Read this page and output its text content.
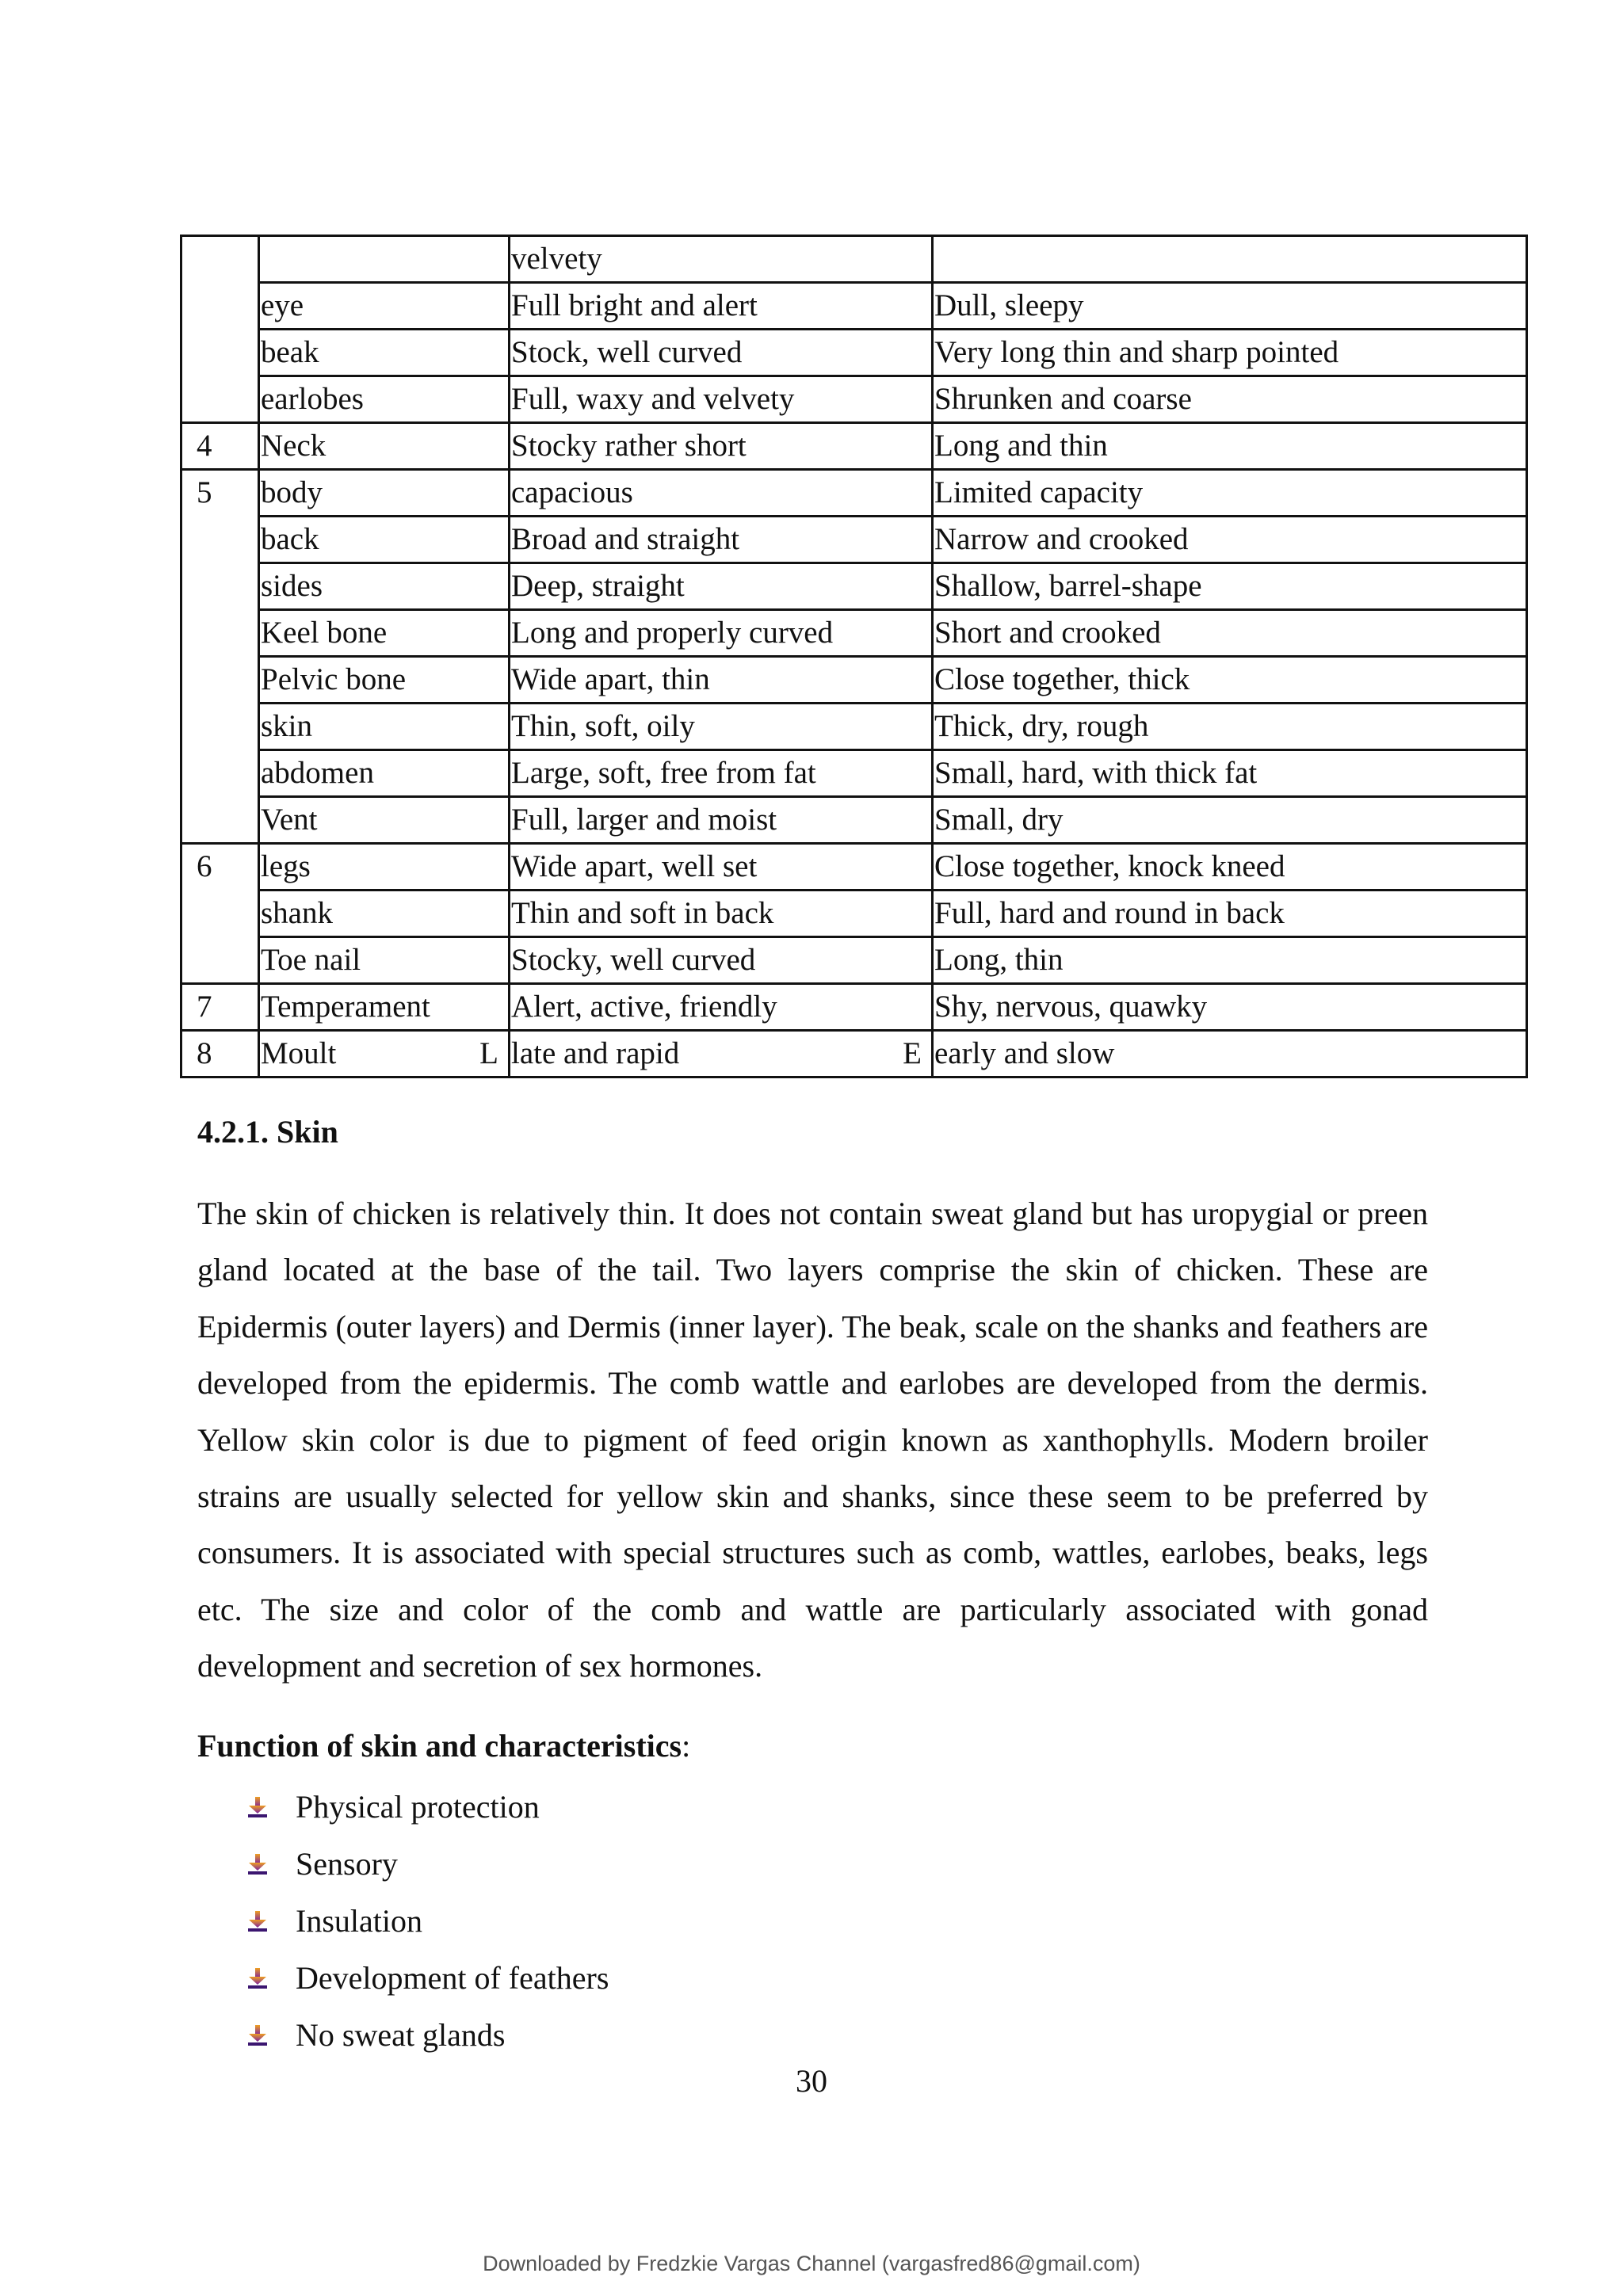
		velvety	
	eye	Full bright and alert	Dull, sleepy
	beak	Stock, well curved	Very long thin and sharp pointed
	earlobes	Full, waxy and velvety	Shrunken and coarse
4	Neck	Stocky rather short	Long and thin
5	body	capacious	Limited capacity
	back	Broad and straight	Narrow and crooked
	sides	Deep, straight	Shallow, barrel-shape
	Keel bone	Long and properly curved	Short and crooked
	Pelvic bone	Wide apart, thin	Close together, thick
	skin	Thin, soft, oily	Thick, dry, rough
	abdomen	Large, soft, free from fat	Small, hard, with thick fat
	Vent	Full, larger and moist	Small, dry
6	legs	Wide apart, well set	Close together, knock kneed
	shank	Thin and soft in back	Full, hard and round in back
	Toe nail	Stocky, well curved	Long, thin
7	Temperament	Alert, active, friendly	Shy, nervous, quawky
8	Moult L	late and rapid E	early and slow

4.2.1. Skin

The skin of chicken is relatively thin. It does not contain sweat gland but has uropygial or preen gland located at the base of the tail. Two layers comprise the skin of chicken. These are Epidermis (outer layers) and Dermis (inner layer). The beak, scale on the shanks and feathers are developed from the epidermis. The comb wattle and earlobes are developed from the dermis. Yellow skin color is due to pigment of feed origin known as xanthophylls. Modern broiler strains are usually selected for yellow skin and shanks, since these seem to be preferred by consumers. It is associated with special structures such as comb, wattles, earlobes, beaks, legs etc. The size and color of the comb and wattle are particularly associated with gonad development and secretion of sex hormones.

Function of skin and characteristics:

Physical protection
Sensory
Insulation
Development of feathers
No sweat glands
30
Downloaded by Fredzkie Vargas Channel (vargasfred86@gmail.com)
